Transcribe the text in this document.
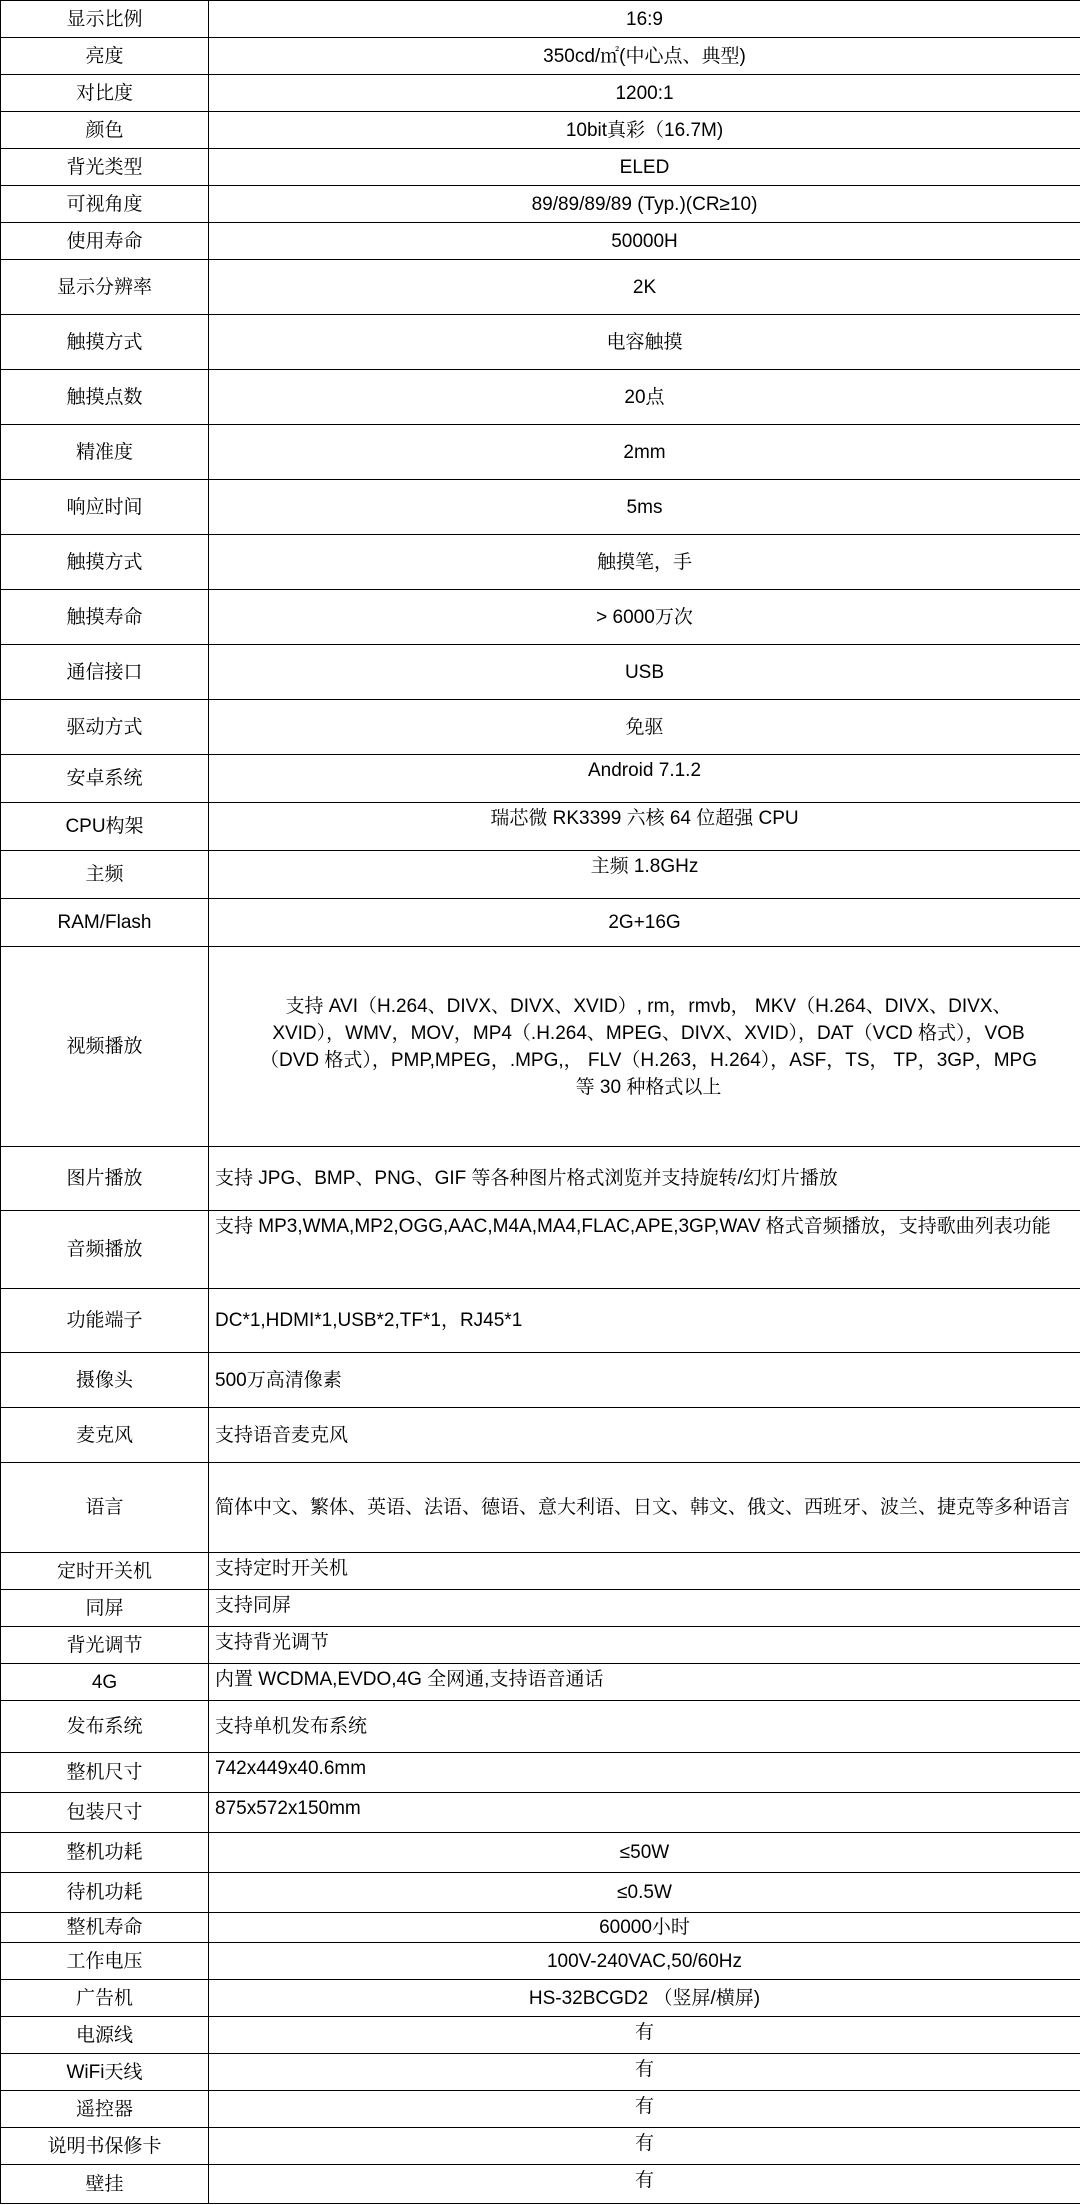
显示比例	16:9
亮度	350cd/㎡(中心点、典型)
对比度	1200:1
颜色	10bit真彩（16.7M)
背光类型	ELED
可视角度	89/89/89/89 (Typ.)(CR≥10)
使用寿命	50000H
显示分辨率	2K
触摸方式	电容触摸
触摸点数	20点
精准度	2mm
响应时间	5ms
触摸方式	触摸笔，手
触摸寿命	> 6000万次
通信接口	USB
驱动方式	免驱
安卓系统	Android 7.1.2
CPU构架	瑞芯微 RK3399 六核 64 位超强 CPU
主频	主频 1.8GHz
RAM/Flash	2G+16G
视频播放	支持 AVI（H.264、DIVX、DIVX、XVID）, rm，rmvb， MKV（H.264、DIVX、DIVX、XVID），WMV，MOV，MP4（.H.264、MPEG、DIVX、XVID），DAT（VCD 格式），VOB（DVD 格式），PMP,MPEG，.MPG,， FLV（H.263，H.264），ASF，TS， TP，3GP，MPG 等 30 种格式以上
图片播放	支持 JPG、BMP、PNG、GIF 等各种图片格式浏览并支持旋转/幻灯片播放
音频播放	支持 MP3,WMA,MP2,OGG,AAC,M4A,MA4,FLAC,APE,3GP,WAV 格式音频播放，支持歌曲列表功能
功能端子	DC*1,HDMI*1,USB*2,TF*1，RJ45*1
摄像头	500万高清像素
麦克风	支持语音麦克风
语言	简体中文、繁体、英语、法语、德语、意大利语、日文、韩文、俄文、西班牙、波兰、捷克等多种语言
定时开关机	支持定时开关机
同屏	支持同屏
背光调节	支持背光调节
4G	内置 WCDMA,EVDO,4G 全网通,支持语音通话
发布系统	支持单机发布系统
整机尺寸	742x449x40.6mm
包装尺寸	875x572x150mm
整机功耗	≤50W
待机功耗	≤0.5W
整机寿命	60000小时
工作电压	100V-240VAC,50/60Hz
广告机	HS-32BCGD2 （竖屏/横屏)
电源线	有
WiFi天线	有
遥控器	有
说明书保修卡	有
壁挂	有
